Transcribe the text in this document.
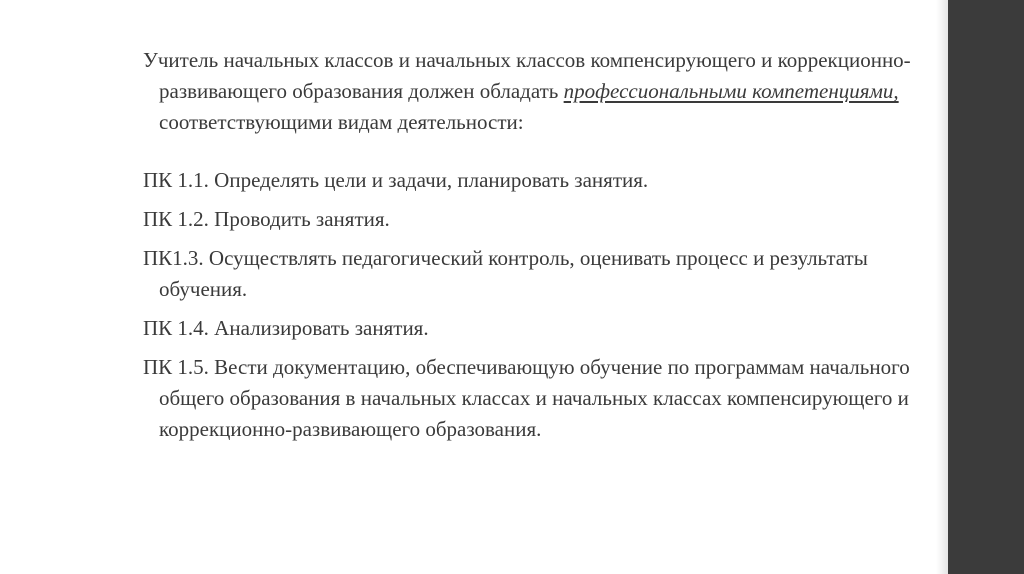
Учитель начальных классов и начальных классов компенсирующего и коррекционно-развивающего образования должен обладать профессиональными компетенциями, соответствующими видам деятельности:

ПК 1.1. Определять цели и задачи, планировать занятия.

ПК 1.2. Проводить занятия.

ПК1.3. Осуществлять педагогический контроль, оценивать процесс и результаты обучения.

ПК 1.4. Анализировать занятия.

ПК 1.5. Вести документацию, обеспечивающую обучение по программам начального общего образования в начальных классах и начальных классах компенсирующего и коррекционно-развивающего образования.
